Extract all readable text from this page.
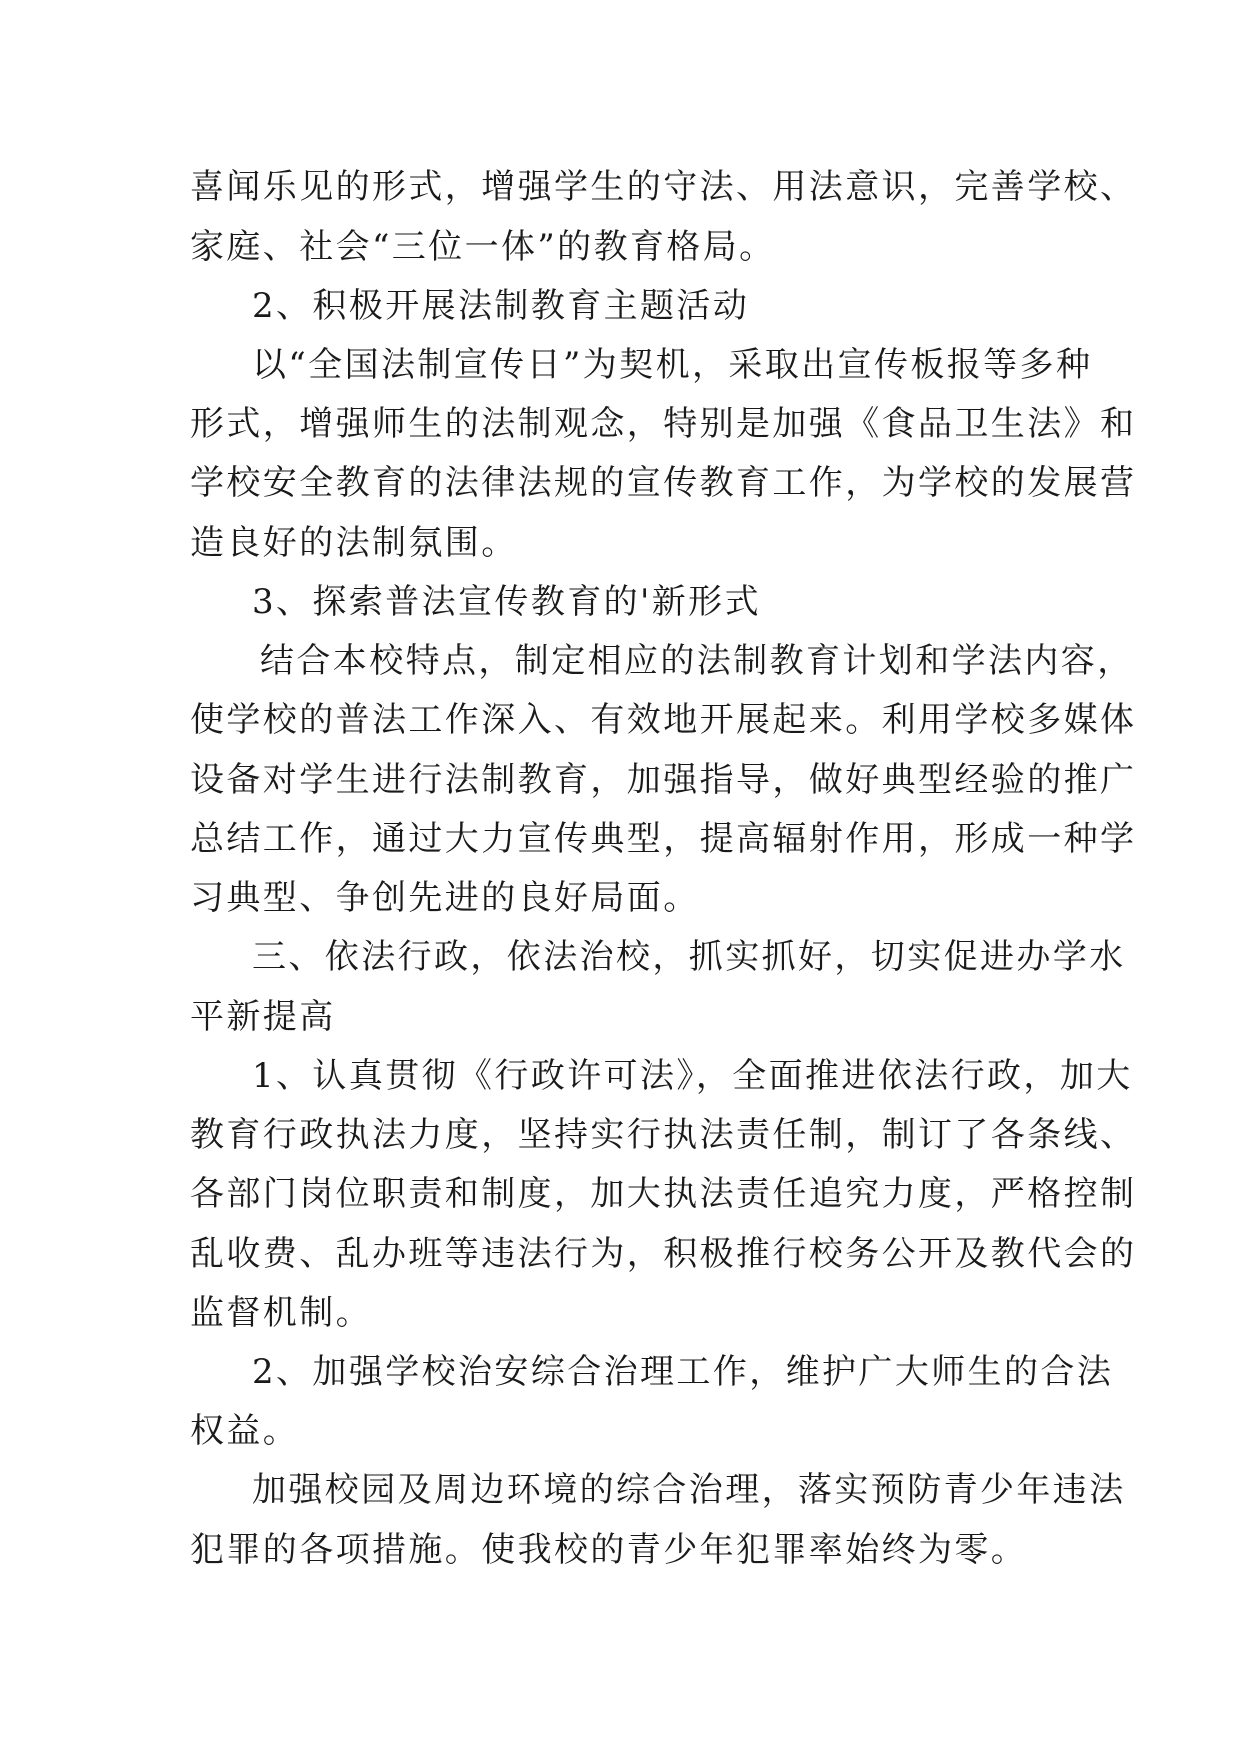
喜闻乐见的形式，增强学生的守法、用法意识，完善学校、
家庭、社会“三位一体”的教育格局。
2、积极开展法制教育主题活动
以“全国法制宣传日”为契机，采取出宣传板报等多种
形式，增强师生的法制观念，特别是加强《食品卫生法》和
学校安全教育的法律法规的宣传教育工作，为学校的发展营
造良好的法制氛围。
3、探索普法宣传教育的'新形式
结合本校特点，制定相应的法制教育计划和学法内容，
使学校的普法工作深入、有效地开展起来。利用学校多媒体
设备对学生进行法制教育，加强指导，做好典型经验的推广
总结工作，通过大力宣传典型，提高辐射作用，形成一种学
习典型、争创先进的良好局面。
三、依法行政，依法治校，抓实抓好，切实促进办学水
平新提高
1、认真贯彻《行政许可法》，全面推进依法行政，加大
教育行政执法力度，坚持实行执法责任制，制订了各条线、
各部门岗位职责和制度，加大执法责任追究力度，严格控制
乱收费、乱办班等违法行为，积极推行校务公开及教代会的
监督机制。
2、加强学校治安综合治理工作，维护广大师生的合法
权益。
加强校园及周边环境的综合治理，落实预防青少年违法
犯罪的各项措施。使我校的青少年犯罪率始终为零。
